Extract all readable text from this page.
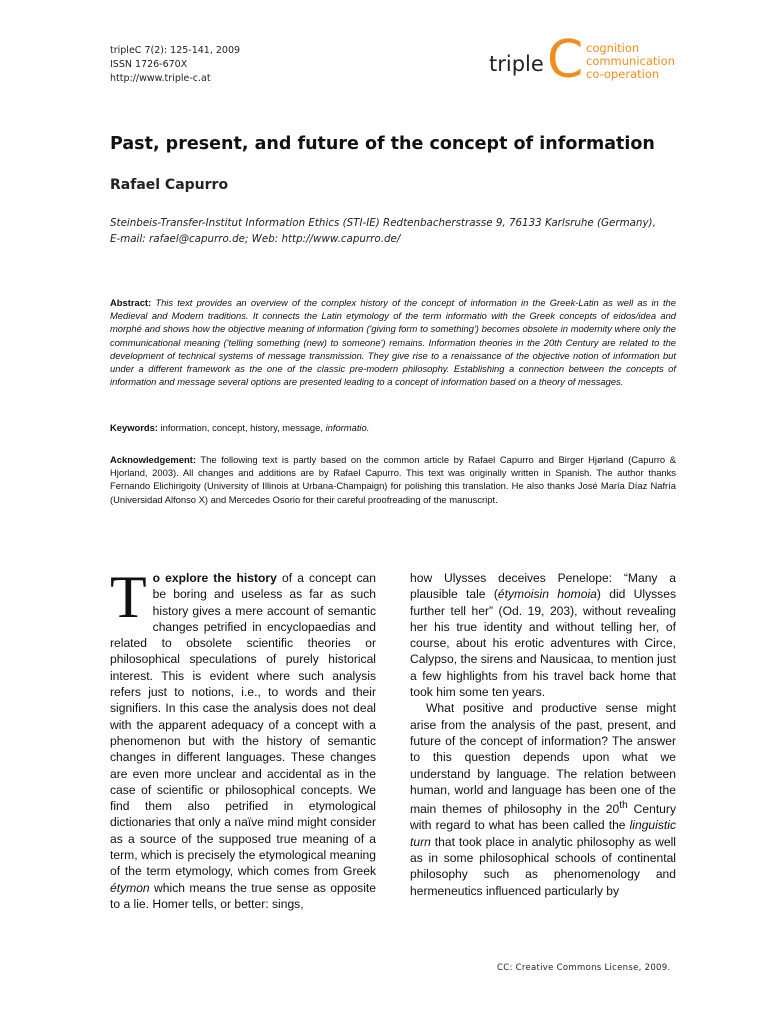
tripleC 7(2): 125-141, 2009
ISSN 1726-670X
http://www.triple-c.at
triple C cognition
communication
co-operation
Past, present, and future of the concept of information
Rafael Capurro
Steinbeis-Transfer-Institut Information Ethics (STI-IE) Redtenbacherstrasse 9, 76133 Karlsruhe (Germany),
E-mail: rafael@capurro.de; Web: http://www.capurro.de/
Abstract: This text provides an overview of the complex history of the concept of information in the Greek-Latin as well as in the Medieval and Modern traditions. It connects the Latin etymology of the term informatio with the Greek concepts of eidos/idea and morphé and shows how the objective meaning of information ('giving form to something') becomes obsolete in modernity where only the communicational meaning ('telling something (new) to someone') remains. Information theories in the 20th Century are related to the development of technical systems of message transmission. They give rise to a renaissance of the objective notion of information but under a different framework as the one of the classic pre-modern philosophy. Establishing a connection between the concepts of information and message several options are presented leading to a concept of information based on a theory of messages.
Keywords: information, concept, history, message, informatio.
Acknowledgement: The following text is partly based on the common article by Rafael Capurro and Birger Hjørland (Capurro & Hjorland, 2003). All changes and additions are by Rafael Capurro. This text was originally written in Spanish. The author thanks Fernando Elichirigoity (University of Illinois at Urbana-Champaign) for polishing this translation. He also thanks José María Díaz Nafría (Universidad Alfonso X) and Mercedes Osorio for their careful proofreading of the manuscript.

To explore the history of a concept can be boring and useless as far as such history gives a mere account of semantic changes petrified in encyclopaedias and related to obsolete scientific theories or philosophical speculations of purely historical interest. This is evident where such analysis refers just to notions, i.e., to words and their signifiers. In this case the analysis does not deal with the apparent adequacy of a concept with a phenomenon but with the history of semantic changes in different languages. These changes are even more unclear and accidental as in the case of scientific or philosophical concepts. We find them also petrified in etymological dictionaries that only a naïve mind might consider as a source of the supposed true meaning of a term, which is precisely the etymological meaning of the term etymology, which comes from Greek étymon which means the true sense as opposite to a lie. Homer tells, or better: sings,

how Ulysses deceives Penelope: “Many a plausible tale (étymoisin homoia) did Ulysses further tell her” (Od. 19, 203), without revealing her his true identity and without telling her, of course, about his erotic adventures with Circe, Calypso, the sirens and Nausicaa, to mention just a few highlights from his travel back home that took him some ten years.

What positive and productive sense might arise from the analysis of the past, present, and future of the concept of information? The answer to this question depends upon what we understand by language. The relation between human, world and language has been one of the main themes of philosophy in the 20th Century with regard to what has been called the linguistic turn that took place in analytic philosophy as well as in some philosophical schools of continental philosophy such as phenomenology and hermeneutics influenced particularly by

CC: Creative Commons License, 2009.
